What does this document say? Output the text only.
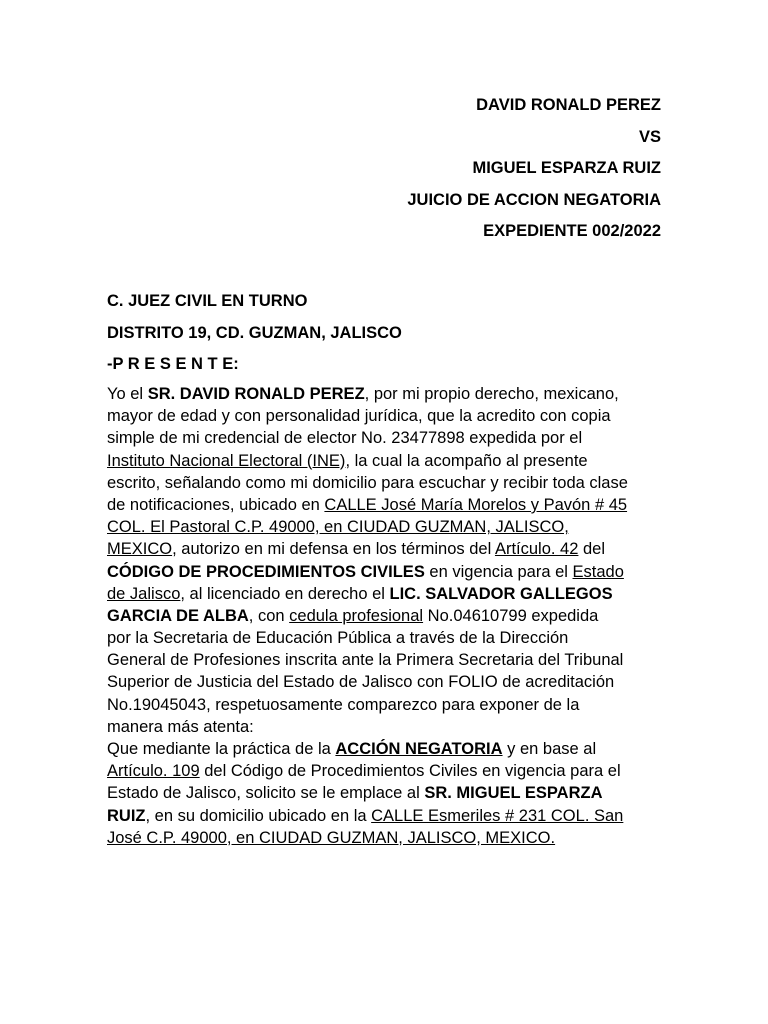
DAVID RONALD PEREZ
VS
MIGUEL ESPARZA RUIZ
JUICIO DE ACCION NEGATORIA
EXPEDIENTE 002/2022
C. JUEZ CIVIL EN TURNO
DISTRITO 19, CD. GUZMAN, JALISCO
-P R E S E N T E:
Yo el SR. DAVID RONALD PEREZ, por mi propio derecho, mexicano,
mayor de edad y con personalidad jurídica, que la acredito con copia
simple de mi credencial de elector No. 23477898 expedida por el
Instituto Nacional Electoral (INE), la cual la acompaño al presente
escrito, señalando como mi domicilio para escuchar y recibir toda clase
de notificaciones, ubicado en CALLE José María Morelos y Pavón # 45
COL. El Pastoral C.P. 49000, en CIUDAD GUZMAN, JALISCO,
MEXICO, autorizo en mi defensa en los términos del Artículo. 42 del
CÓDIGO DE PROCEDIMIENTOS CIVILES en vigencia para el Estado
de Jalisco, al licenciado en derecho el LIC. SALVADOR GALLEGOS
GARCIA DE ALBA, con cedula profesional No.04610799 expedida
por la Secretaria de Educación Pública a través de la Dirección
General de Profesiones inscrita ante la Primera Secretaria del Tribunal
Superior de Justicia del Estado de Jalisco con FOLIO de acreditación
No.19045043, respetuosamente comparezco para exponer de la
manera más atenta:
Que mediante la práctica de la ACCIÓN NEGATORIA y en base al
Artículo. 109 del Código de Procedimientos Civiles en vigencia para el
Estado de Jalisco, solicito se le emplace al SR. MIGUEL ESPARZA
RUIZ, en su domicilio ubicado en la CALLE Esmeriles # 231 COL. San
José C.P. 49000, en CIUDAD GUZMAN, JALISCO, MEXICO.
